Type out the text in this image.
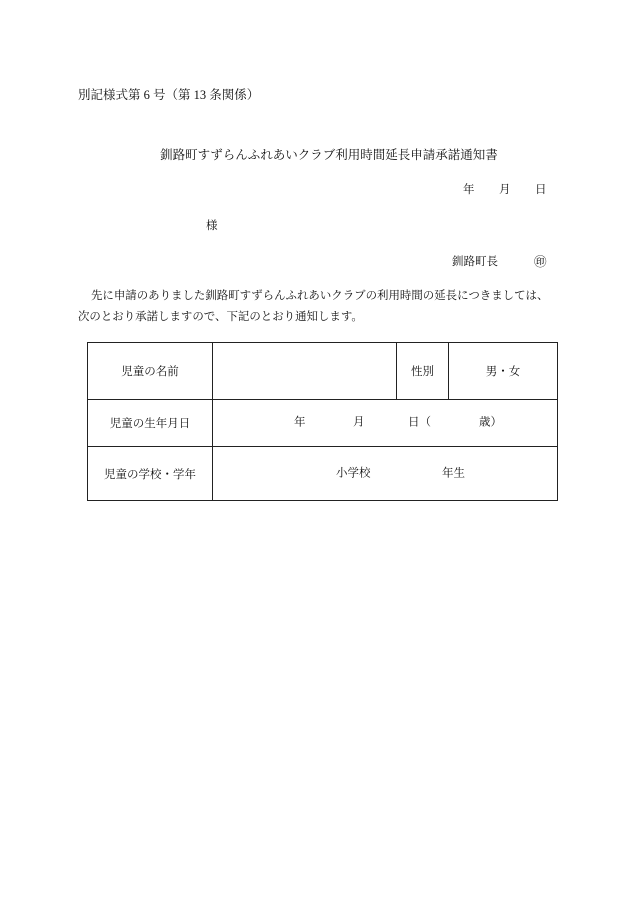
別記様式第 6 号（第 13 条関係）
釧路町すずらんふれあいクラブ利用時間延長申請承諾通知書
年 月 日
様
釧路町長	㊞
先に申請のありました釧路町すずらんふれあいクラブの利用時間の延長につきましては、
次のとおり承諾しますので、下記のとおり通知します。
児童の名前		性別	男・女
児童の生年月日	年 月 日（ 歳）		

児童の学校・学年	小学校 年生		
